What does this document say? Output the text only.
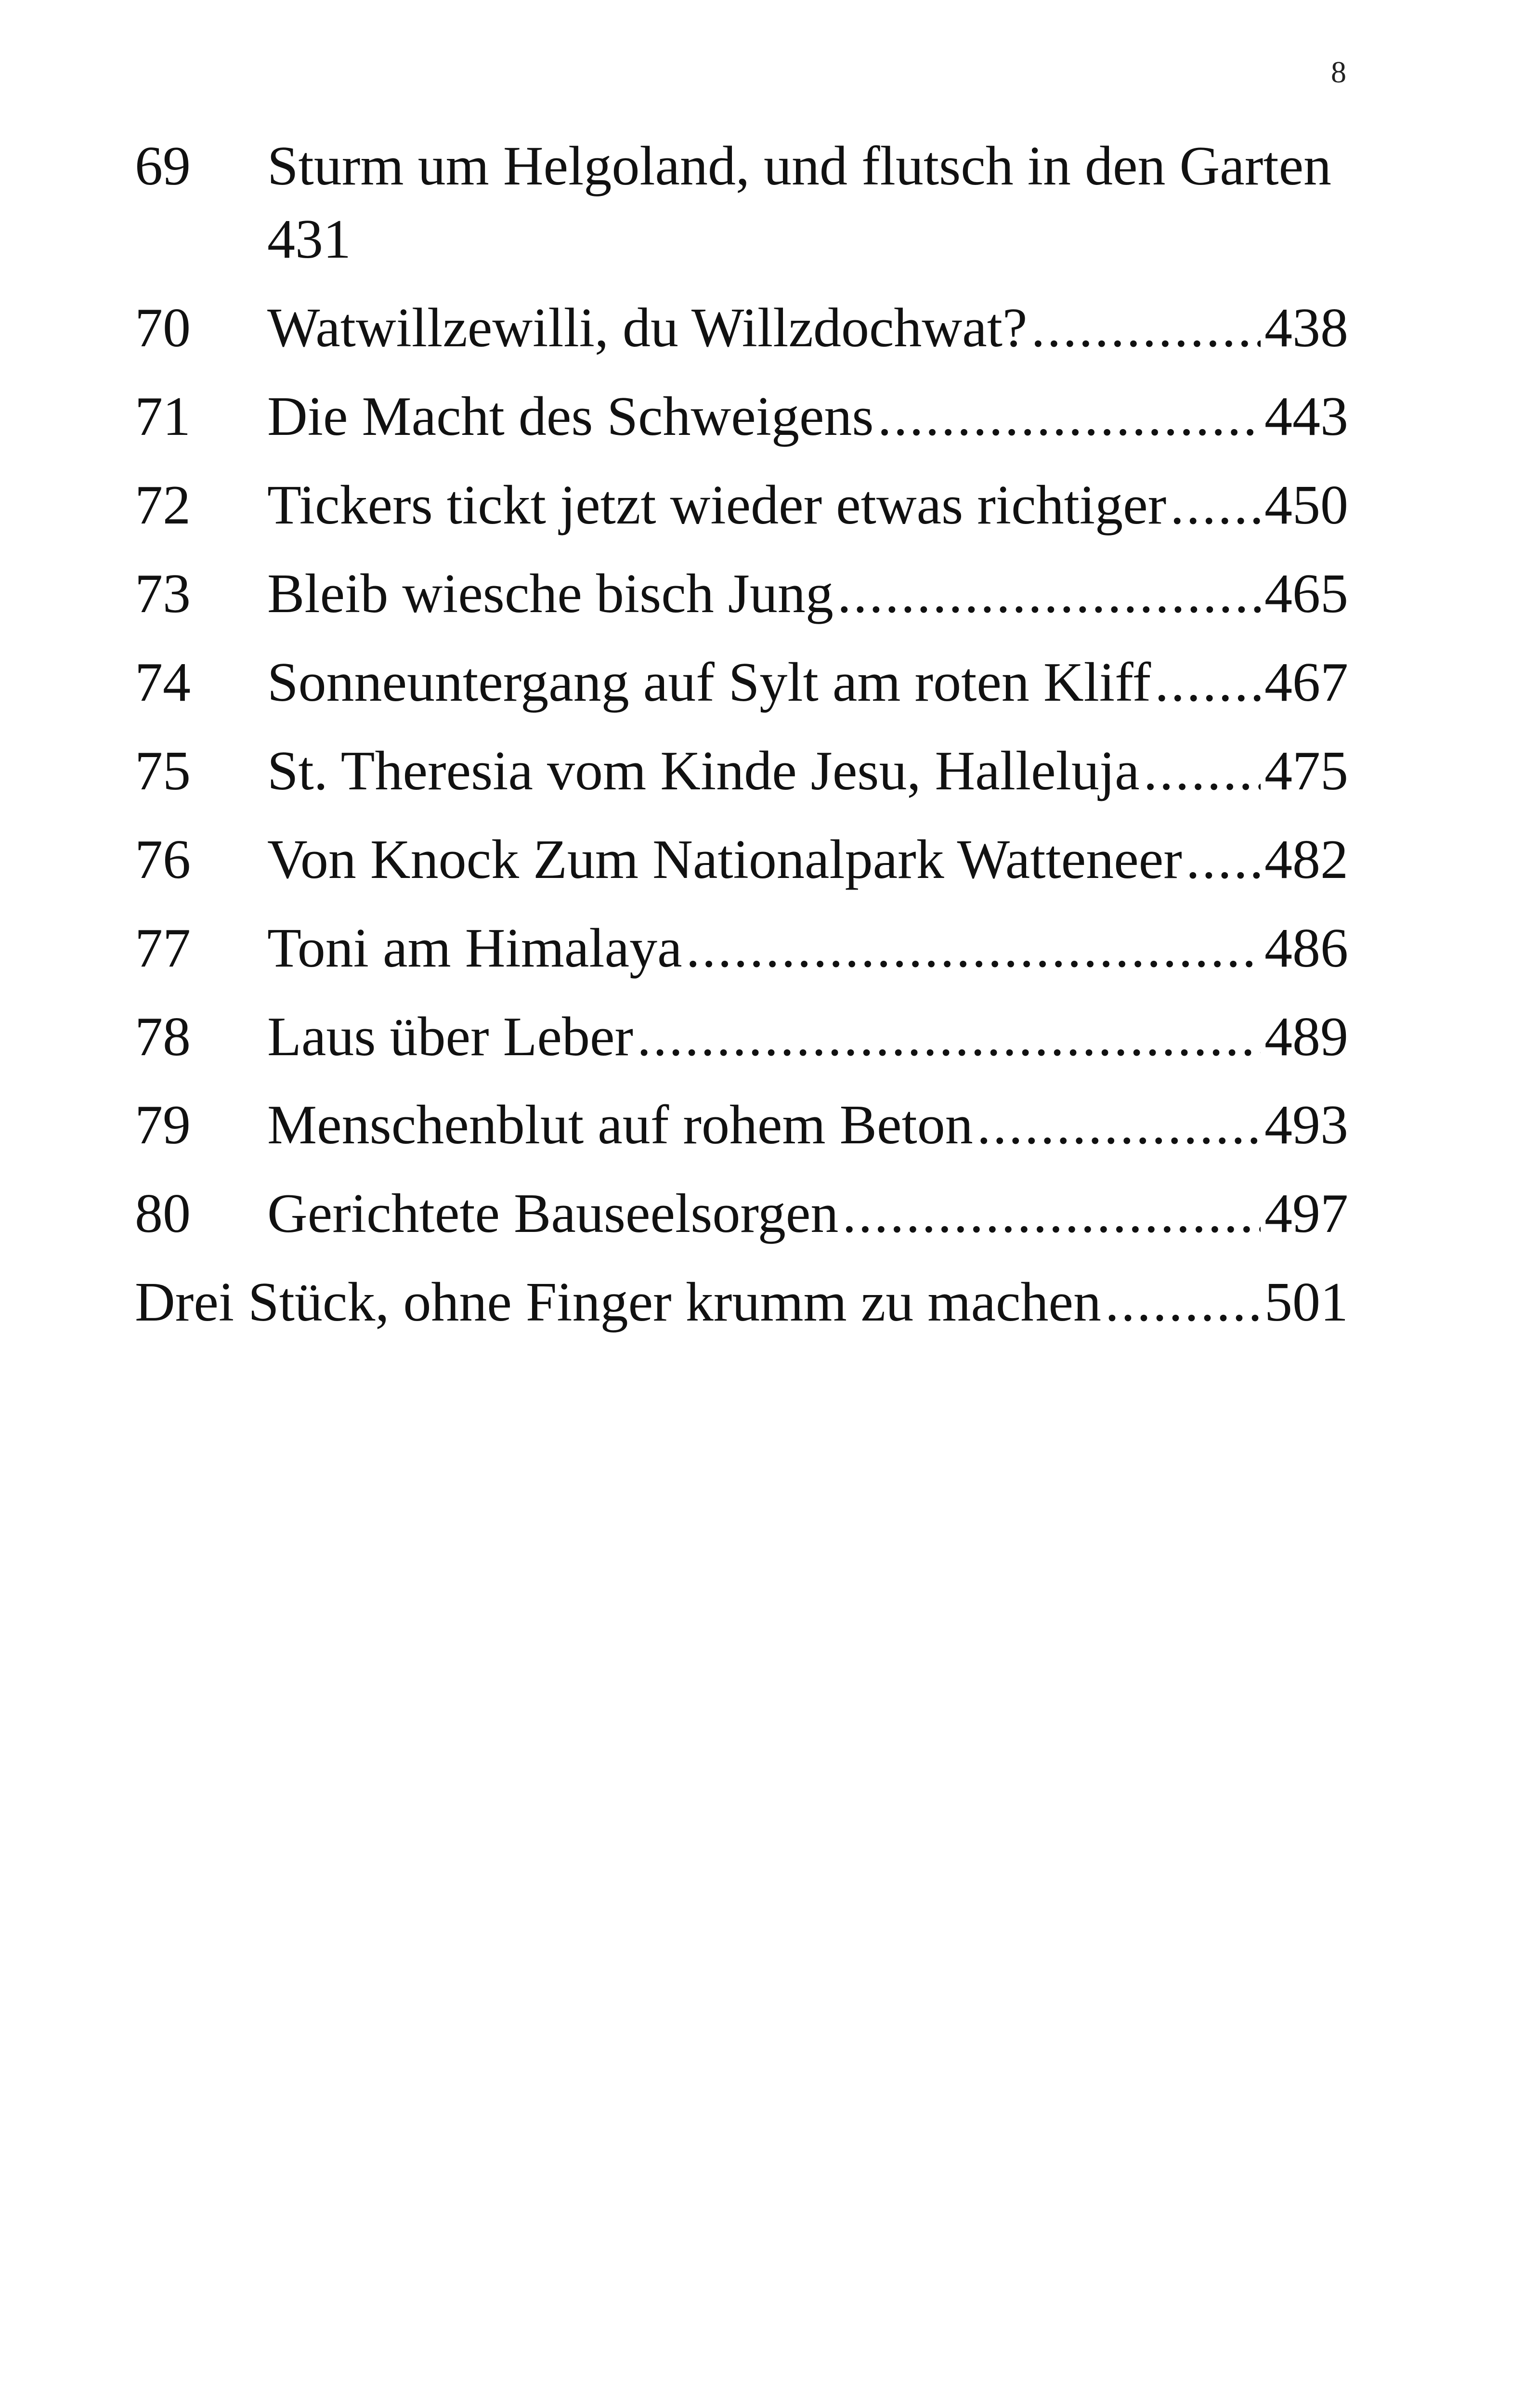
8
69	Sturm um Helgoland, und flutsch in den Garten
431
70	Watwillzewilli, du Willzdochwat? .....	438
71	Die Macht des Schweigens .....	443
72	Tickers tickt jetzt wieder etwas richtiger ..... 450
73	Bleib wiesche bisch Jung .....	465
74	Sonneuntergang auf Sylt am roten Kliff ..... 467
75	St. Theresia vom Kinde Jesu, Halleluja ..... 475
76	Von Knock Zum Nationalpark Watteneer ..... 482
77	Toni am Himalaya .....	486
78	Laus über Leber .....	489
79	Menschenblut auf rohem Beton .....	493
80	Gerichtete Bauseelsorgen .....	497
Drei Stück, ohne Finger krumm zu machen .....	501
